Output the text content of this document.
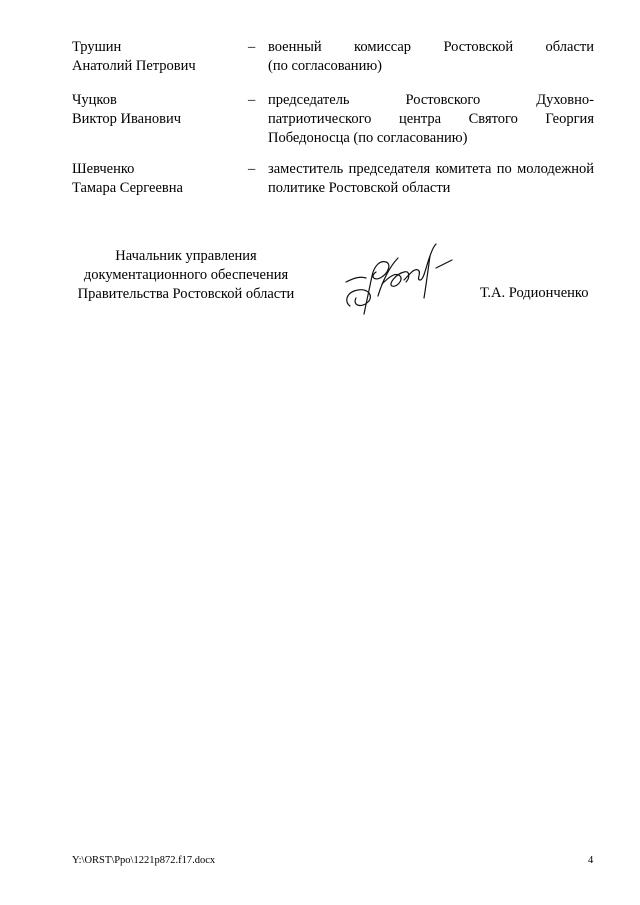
Трушин
Анатолий Петрович
– военный комиссар Ростовской области
(по согласованию)
Чуцков
Виктор Иванович
– председатель Ростовского Духовно-
патриотического центра Святого Георгия
Победоносца (по согласованию)
Шевченко
Тамара Сергеевна
– заместитель председателя комитета по молодежной
политике Ростовской области
Начальник управления
документационного обеспечения
Правительства Ростовской области	Т.А. Родионченко
Y:\ORST\Ppo\1221p872.f17.docx	4
